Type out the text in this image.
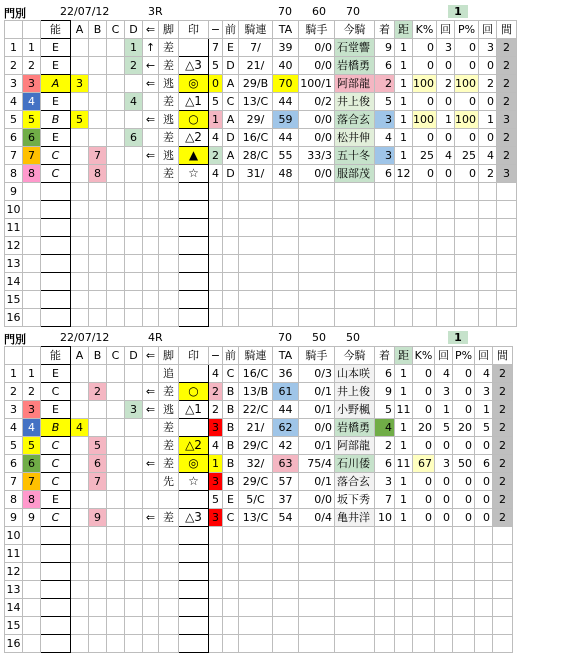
門別	22/07/12	3R	70 60 70	1
		能	A	B	C	D	⇐	脚	印	−	前	騎連	TA	騎手	今騎	着	距	K%	回	P%	回	間
1	1	E				1	↑	差		7	E	7/	39	0/0	石堂響	9	1	0	3	0	3	2
2	2	E				2	←	差	△3	5	D	21/	40	0/0	岩橋勇	6	1	0	0	0	0	2
3	3	A	3				⇐	逃	◎	0	A	29/B	70	100/1	阿部龍	2	1	100	2	100	2	2
4	4	E				4		差	△1	5	C	13/C	44	0/2	井上俊	5	1	0	0	0	0	2
5	5	B	5				⇐	逃	○	1	A	29/	59	0/0	落合玄	3	1	100	1	100	1	3
6	6	E				6		差	△2	4	D	16/C	44	0/0	松井伸	4	1	0	0	0	0	2
7	7	C		7			⇐	逃	▲	2	A	28/C	55	33/3	五十冬	3	1	25	4	25	4	2
8	8	C		8				差	☆	4	D	31/	48	0/0	服部茂	6	12	0	0	0	2	3
9																						
10																						
11																						
12																						
13																						
14																						
15																						
16																						
門別	22/07/12	4R	70 50 50	1
		能	A	B	C	D	⇐	脚	印	−	前	騎連	TA	騎手	今騎	着	距	K%	回	P%	回	間
1	1	E						追		4	C	16/C	36	0/3	山本咲	6	1	0	4	0	4	2
2	2	C		2			⇐	差	○	2	B	13/B	61	0/1	井上俊	9	1	0	3	0	3	2
3	3	E				3	⇐	逃	△1	2	B	22/C	44	0/1	小野楓	5	11	0	1	0	1	2
4	4	B	4					差		3	B	21/	62	0/0	岩橋勇	4	1	20	5	20	5	2
5	5	C		5				差	△2	4	B	29/C	42	0/1	阿部龍	2	1	0	0	0	0	2
6	6	C		6			⇐	差	◎	1	B	32/	63	75/4	石川倭	6	11	67	3	50	6	2
7	7	C		7				先	☆	3	B	29/C	57	0/1	落合玄	3	1	0	0	0	0	2
8	8	E								5	E	5/C	37	0/0	坂下秀	7	1	0	0	0	0	2
9	9	C		9			⇐	差	△3	3	C	13/C	54	0/4	亀井洋	10	1	0	0	0	0	2
10																						
11																						
12																						
13																						
14																						
15																						
16																						
